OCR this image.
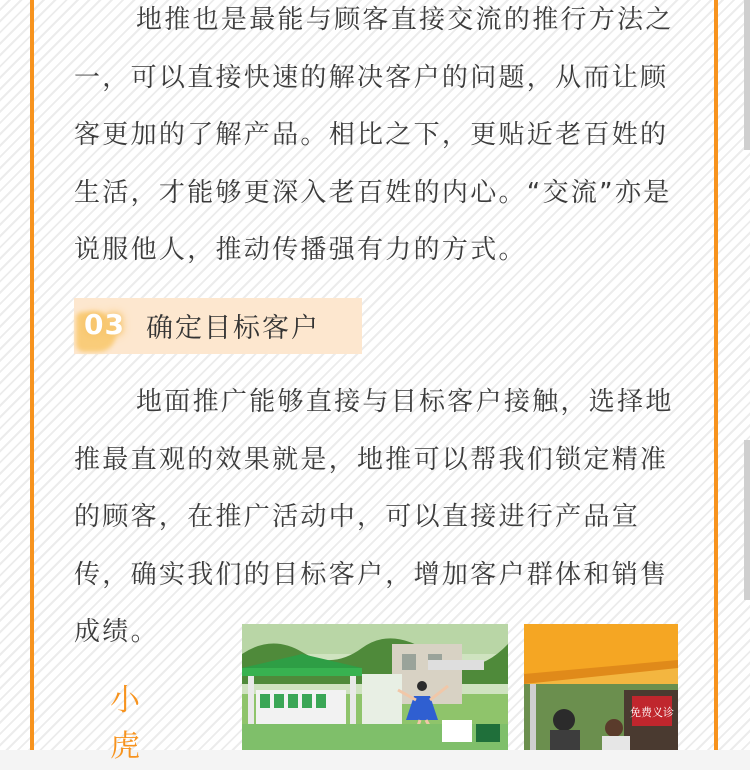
地推也是最能与顾客直接交流的推行方法之一，可以直接快速的解决客户的问题，从而让顾客更加的了解产品。相比之下，更贴近老百姓的生活，才能够更深入老百姓的内心。“交流”亦是说服他人，推动传播强有力的方式。

03 确定目标客户

地面推广能够直接与目标客户接触，选择地推最直观的效果就是，地推可以帮我们锁定精准的顾客，在推广活动中，可以直接进行产品宣传，确实我们的目标客户，增加客户群体和销售成绩。

小虎
免费义诊
